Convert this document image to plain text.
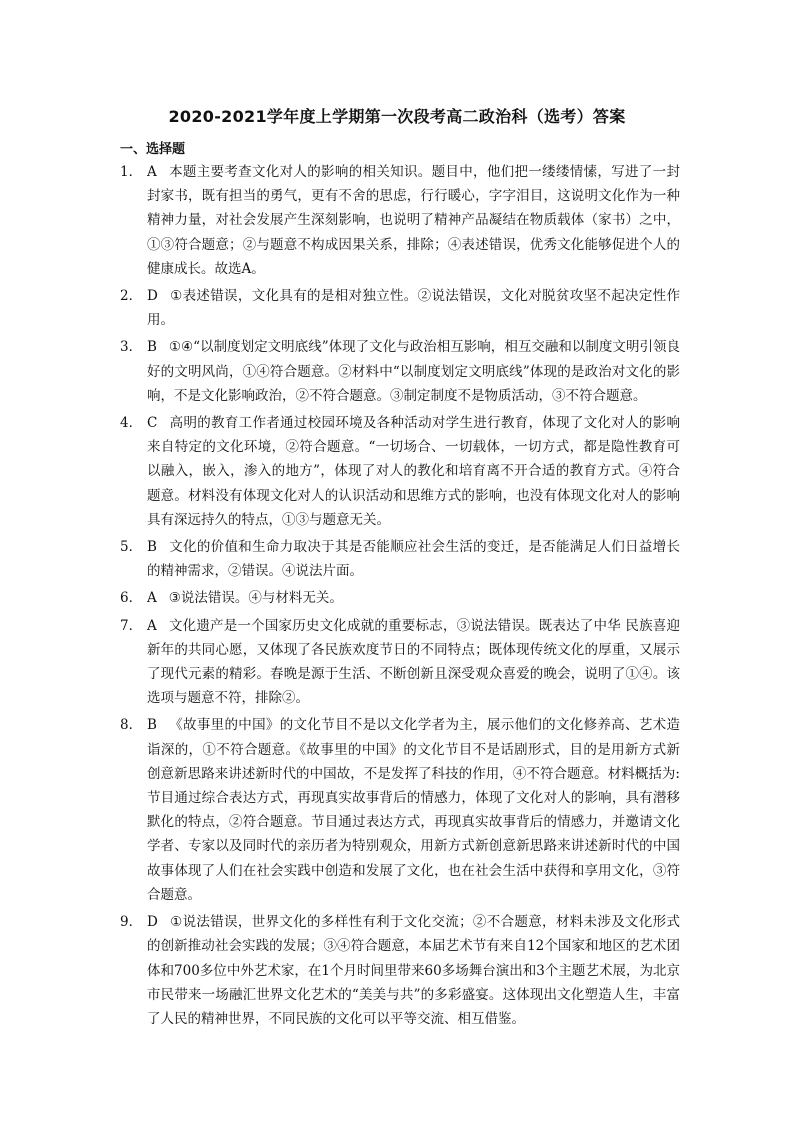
2020-2021学年度上学期第一次段考高二政治科（选考）答案
一、选择题
1． A 本题主要考查文化对人的影响的相关知识。题目中，他们把一缕缕情愫，写进了一封封家书，既有担当的勇气，更有不舍的思虑，行行暖心，字字泪目，这说明文化作为一种精神力量，对社会发展产生深刻影响，也说明了精神产品凝结在物质载体（家书）之中，①③符合题意；②与题意不构成因果关系，排除；④表述错误，优秀文化能够促进个人的健康成长。故选A。
2． D ①表述错误，文化具有的是相对独立性。②说法错误，文化对脱贫攻坚不起决定性作用。
3． B ①④“以制度划定文明底线”体现了文化与政治相互影响，相互交融和以制度文明引领良好的文明风尚，①④符合题意。②材料中“以制度划定文明底线”体现的是政治对文化的影响，不是文化影响政治，②不符合题意。③制定制度不是物质活动，③不符合题意。
4． C 高明的教育工作者通过校园环境及各种活动对学生进行教育，体现了文化对人的影响来自特定的文化环境，②符合题意。“一切场合、一切载体，一切方式，都是隐性教育可以融入，嵌入，渗入的地方”，体现了对人的教化和培育离不开合适的教育方式。④符合题意。材料没有体现文化对人的认识活动和思维方式的影响，也没有体现文化对人的影响具有深远持久的特点，①③与题意无关。
5． B 文化的价值和生命力取决于其是否能顺应社会生活的变迁，是否能满足人们日益增长的精神需求，②错误。④说法片面。
6． A ③说法错误。④与材料无关。
7． A 文化遗产是一个国家历史文化成就的重要标志，③说法错误。既表达了中华 民族喜迎新年的共同心愿，又体现了各民族欢度节日的不同特点；既体现传统文化的厚重，又展示了现代元素的精彩。春晚是源于生活、不断创新且深受观众喜爱的晚会，说明了①④。该选项与题意不符，排除②。
8． B 《故事里的中国》的文化节目不是以文化学者为主，展示他们的文化修养高、艺术造诣深的，①不符合题意。《故事里的中国》的文化节目不是话剧形式，目的是用新方式新创意新思路来讲述新时代的中国故，不是发挥了科技的作用，④不符合题意。材料概括为: 节目通过综合表达方式，再现真实故事背后的情感力，体现了文化对人的影响，具有潜移默化的特点，②符合题意。节目通过表达方式，再现真实故事背后的情感力，并邀请文化学者、专家以及同时代的亲历者为特别观众，用新方式新创意新思路来讲述新时代的中国故事体现了人们在社会实践中创造和发展了文化，也在社会生活中获得和享用文化，③符合题意。
9． D ①说法错误，世界文化的多样性有利于文化交流；②不合题意，材料未涉及文化形式的创新推动社会实践的发展；③④符合题意，本届艺术节有来自12个国家和地区的艺术团体和700多位中外艺术家，在1个月时间里带来60多场舞台演出和3个主题艺术展，为北京市民带来一场融汇世界文化艺术的“美美与共”的多彩盛宴。这体现出文化塑造人生，丰富了人民的精神世界，不同民族的文化可以平等交流、相互借鉴。
